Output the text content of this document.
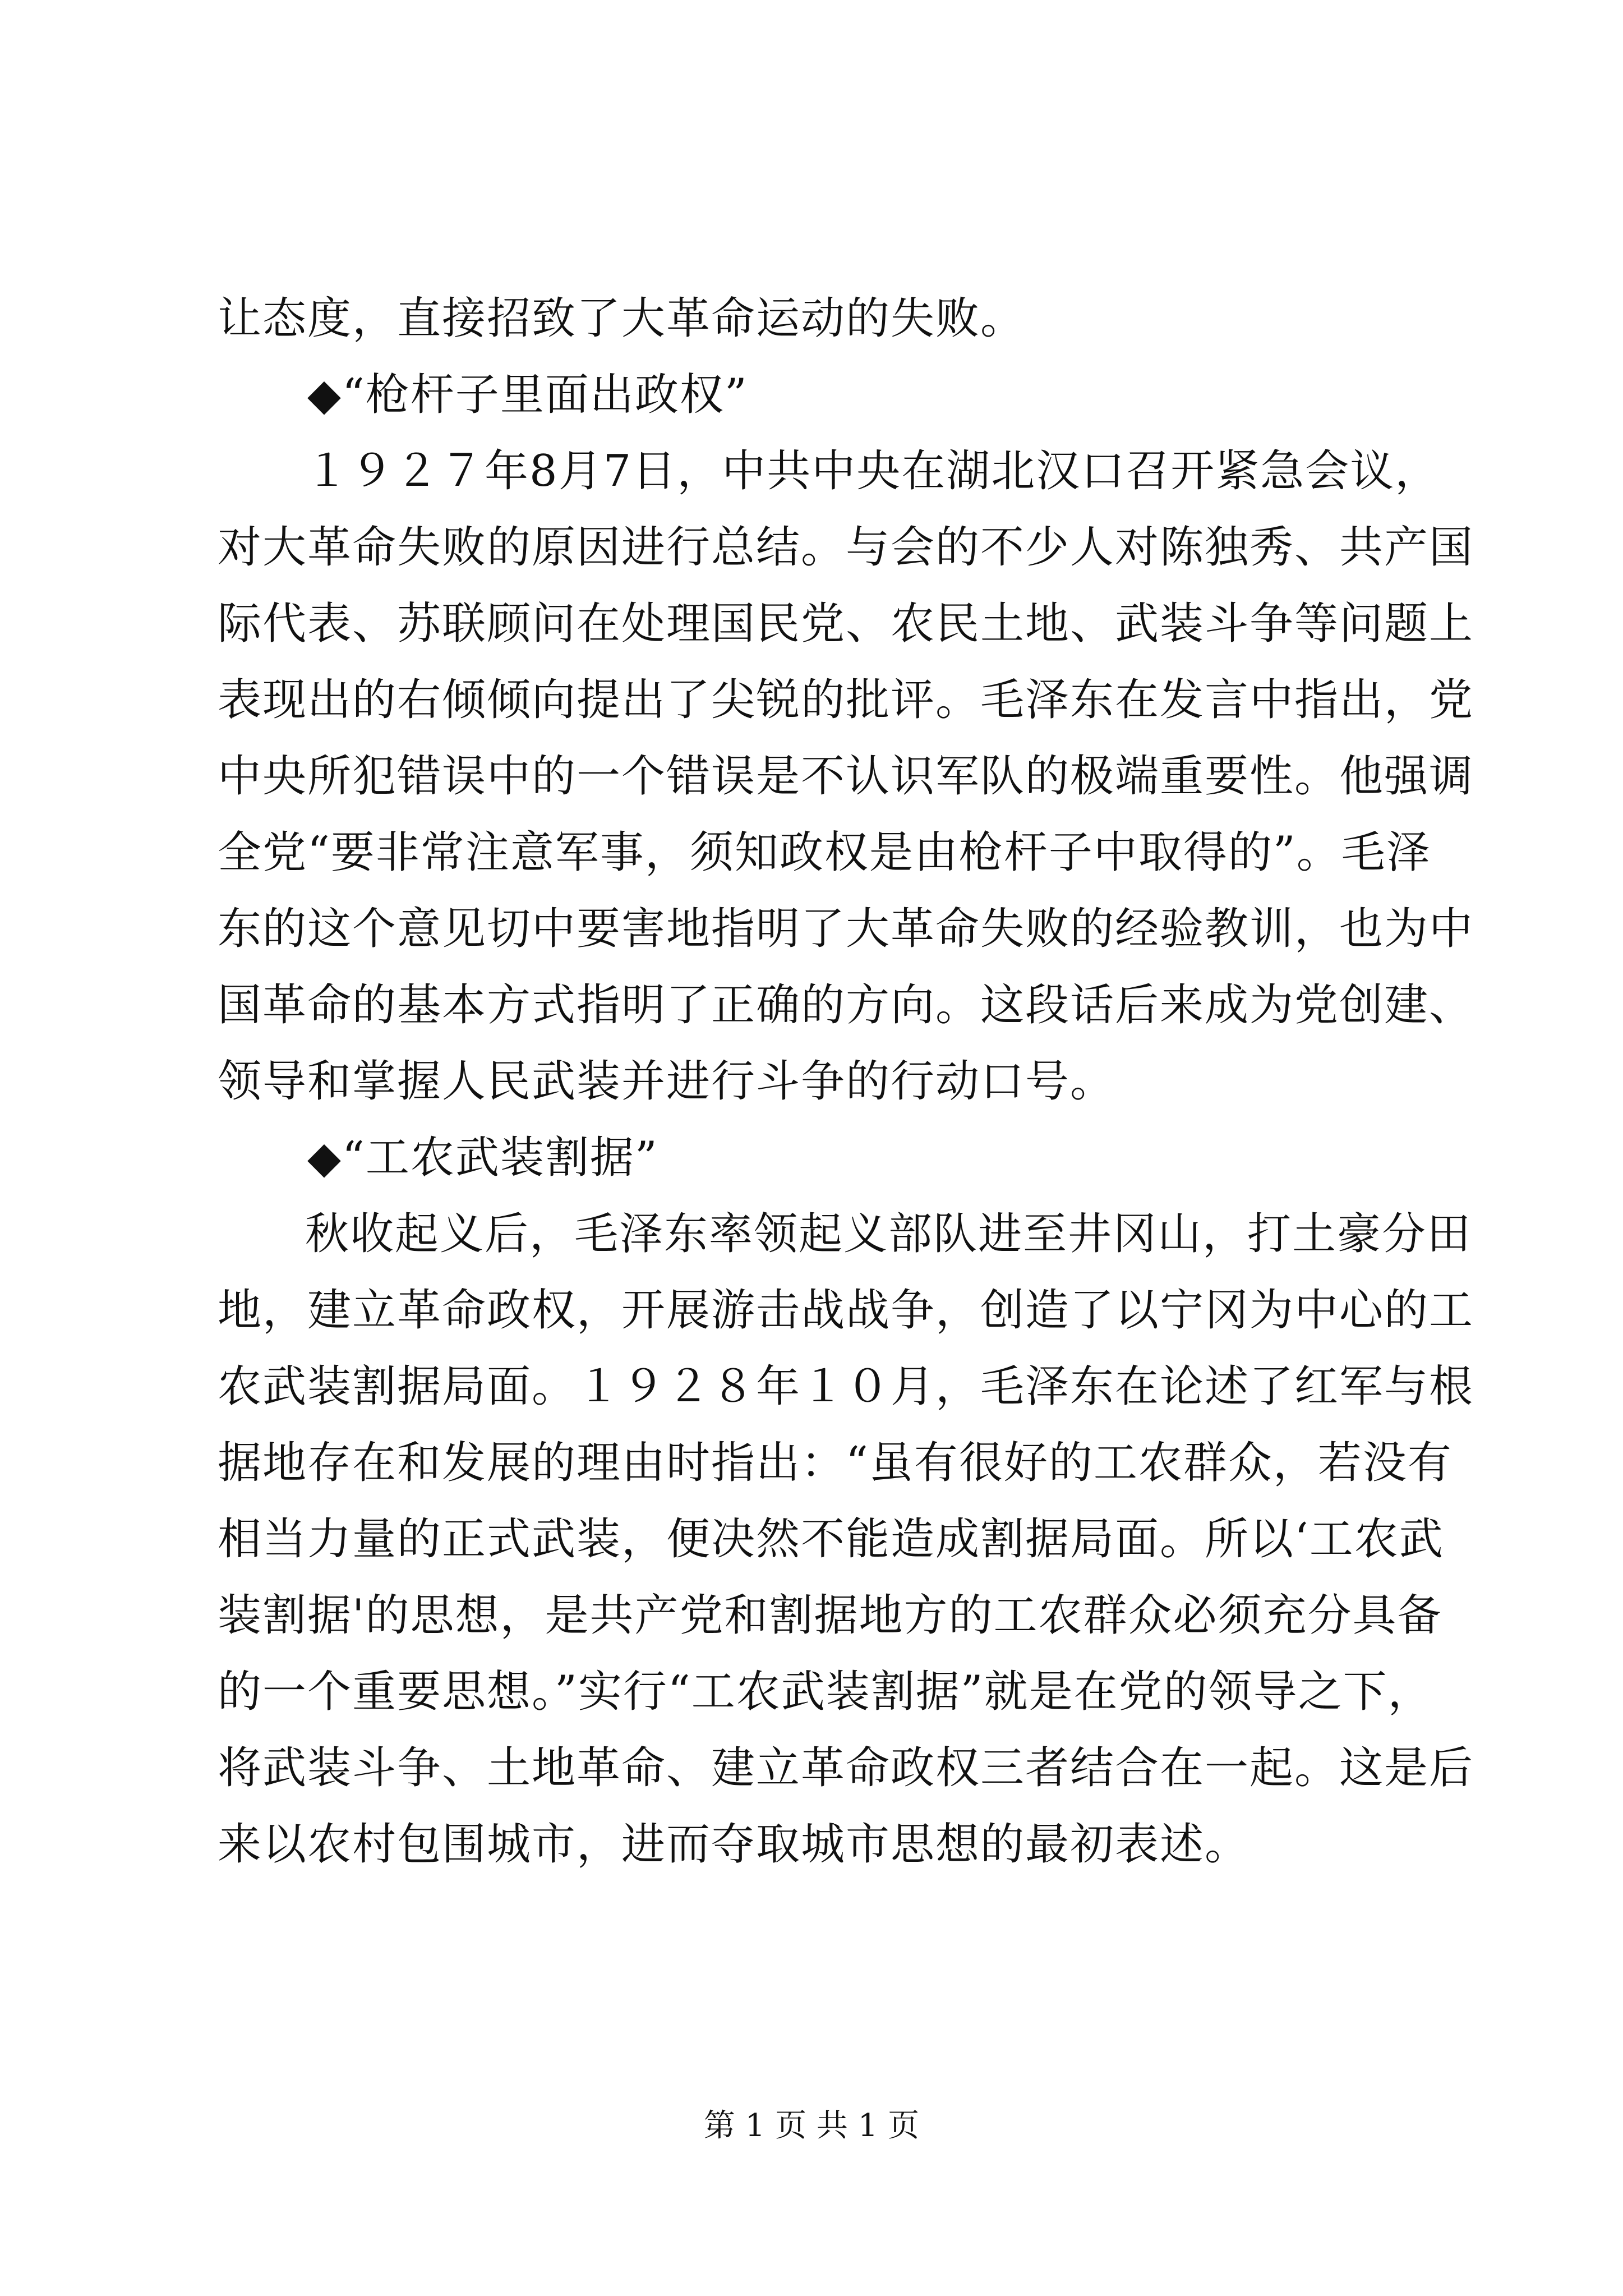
让态度，直接招致了大革命运动的失败。
◆“枪杆子里面出政权”
１９２７年8月7日，中共中央在湖北汉口召开紧急会议，
对大革命失败的原因进行总结。与会的不少人对陈独秀、共产国
际代表、苏联顾问在处理国民党、农民土地、武装斗争等问题上
表现出的右倾倾向提出了尖锐的批评。毛泽东在发言中指出，党
中央所犯错误中的一个错误是不认识军队的极端重要性。他强调
全党“要非常注意军事，须知政权是由枪杆子中取得的”。毛泽
东的这个意见切中要害地指明了大革命失败的经验教训，也为中
国革命的基本方式指明了正确的方向。这段话后来成为党创建、
领导和掌握人民武装并进行斗争的行动口号。
◆“工农武装割据”
秋收起义后，毛泽东率领起义部队进至井冈山，打土豪分田
地，建立革命政权，开展游击战战争，创造了以宁冈为中心的工
农武装割据局面。１９２８年１０月，毛泽东在论述了红军与根
据地存在和发展的理由时指出：“虽有很好的工农群众，若没有
相当力量的正式武装，便决然不能造成割据局面。所以‘工农武
装割据'的思想，是共产党和割据地方的工农群众必须充分具备
的一个重要思想。”实行“工农武装割据”就是在党的领导之下，
将武装斗争、土地革命、建立革命政权三者结合在一起。这是后
来以农村包围城市，进而夺取城市思想的最初表述。
第 1 页 共 1 页
